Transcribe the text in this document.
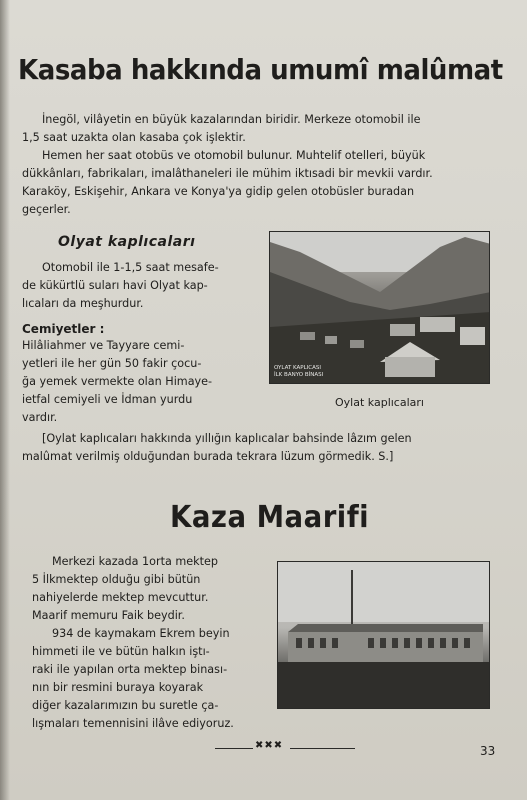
Kasaba hakkında umumî malûmat
İnegöl, vilâyetin en büyük kazalarından biridir. Merkeze otomobil ile
1,5 saat uzakta olan kasaba çok işlektir.
Hemen her saat otobüs ve otomobil bulunur. Muhtelif otelleri, büyük
dükkânları, fabrikaları, imalâthaneleri ile mühim iktısadi bir mevkii vardır.
Karaköy, Eskişehir, Ankara ve Konya'ya gidip gelen otobüsler buradan
geçerler.
Olyat kaplıcaları
Otomobil ile 1-1,5 saat mesafe-
de kükürtlü suları havi Olyat kap-
lıcaları da meşhurdur.
Cemiyetler :
Hilâliahmer ve Tayyare cemi-
yetleri ile her gün 50 fakir çocu-
ğa yemek vermekte olan Himaye-
ietfal cemiyeli ve İdman yurdu
vardır.
OYLAT KAPLICASI
İLK BANYO BİNASI
Oylat kaplıcaları
[Oylat kaplıcaları hakkında yıllığın kaplıcalar bahsinde lâzım gelen
malûmat verilmiş olduğundan burada tekrara lüzum görmedik. S.]
Kaza Maarifi
Merkezi kazada 1orta mektep
5 İlkmektep olduğu gibi bütün
nahiyelerde mektep mevcuttur.
Maarif memuru Faik beydir.
934 de kaymakam Ekrem beyin
himmeti ile ve bütün halkın iştı-
raki ile yapılan orta mektep binası-
nın bir resmini buraya koyarak
diğer kazalarımızın bu suretle ça-
lışmaları temennisini ilâve ediyoruz.
✖✖✖	33
